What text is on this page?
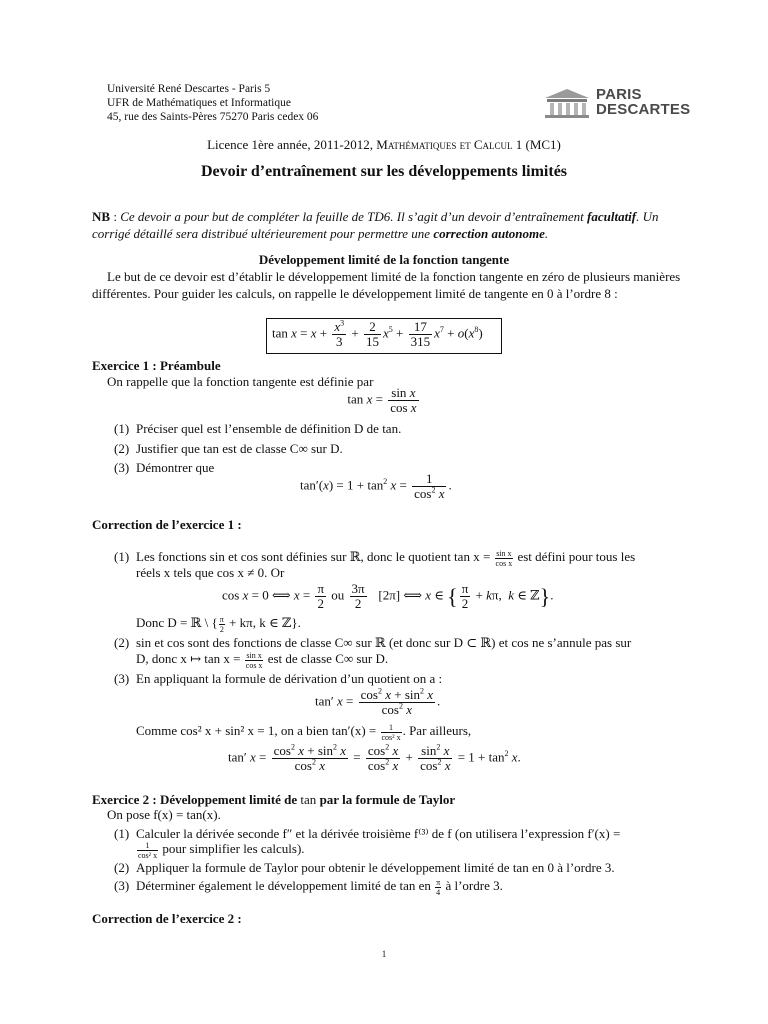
Université René Descartes - Paris 5
UFR de Mathématiques et Informatique
45, rue des Saints-Pères 75270 Paris cedex 06
PARIS
DESCARTES
Licence 1ère année, 2011-2012, Mathématiques et Calcul 1 (MC1)
Devoir d’entraînement sur les développements limités
NB : Ce devoir a pour but de compléter la feuille de TD6. Il s’agit d’un devoir d’entraînement facultatif. Un corrigé détaillé sera distribué ultérieurement pour permettre une correction autonome.
Développement limité de la fonction tangente
Le but de ce devoir est d’établir le développement limité de la fonction tangente en zéro de plusieurs manières différentes. Pour guider les calculs, on rappelle le développement limité de tangente en 0 à l’ordre 8 :
$\tan x = x + \frac{x^3}{3} + \frac{2}{15} x^5 + \frac{17}{315} x^7 + o(x^8)$
Exercice 1 : Préambule
On rappelle que la fonction tangente est définie par
$\tan x = \frac{\text{sin x}}{\text{cos x}}$
(1) Préciser quel est l’ensemble de définition D de tan.
(2) Justifier que tan est de classe C∞ sur D.
(3) Démontrer que
$\tan'(x) = 1 + \tan^2 x = \frac{1}{\cos^2 x}$ .
Correction de l’exercice 1 :
(1) Les fonctions sin et cos sont définies sur ℝ, donc le quotient $\tan x = \frac{\text{sin x}}{\text{cos x}}$ est défini pour tous les
réels x tels que cos x ≠ 0. Or
cos x = 0 ⟺ $x = \frac{\pi}{2}$ ou $\frac{3\pi}{2} [2\pi]$ ⟺ x ∈ { $\frac{\pi}{2} + k\pi$,  k ∈ ℤ}.
Donc D = ℝ \ { $\frac{\pi}{2} + k\pi$, k ∈ ℤ}.
(2) sin et cos sont des fonctions de classe C∞ sur ℝ (et donc sur D ⊂ ℝ) et cos ne s’annule pas sur
D, donc x ↦ $\tan x = \frac{\text{sin x}}{\text{cos x}}$ est de classe C∞ sur D.
(3) En appliquant la formule de dérivation d’un quotient on a :
tan′ $x = \frac{\cos^2 x + \sin^2 x}{\cos^2 x}$ .
Comme cos² x + sin² x = 1, on a bien $\tan'(x) = \frac{1}{\text{cos² x}}$ . Par ailleurs,
tan′ $x = \frac{\cos^2 x + \sin^2 x}{\cos^2 x} = \frac{\cos^2 x}{\cos^2 x} + \frac{\sin^2 x}{\cos^2 x} = 1 + \tan^2 x$.
Exercice 2 : Développement limité de tan par la formule de Taylor
On pose f(x) = tan(x).
(1) Calculer la dérivée seconde f″ et la dérivée troisième f⁽³⁾ de f (on utilisera l’expression f′(x) =
$\frac{1}{\text{cos² x}}$ pour simplifier les calculs).
(2) Appliquer la formule de Taylor pour obtenir le développement limité de tan en 0 à l’ordre 3.
(3) Déterminer également le développement limité de tan en $\frac{\pi}{4}$ à l’ordre 3.
Correction de l’exercice 2 :
1
